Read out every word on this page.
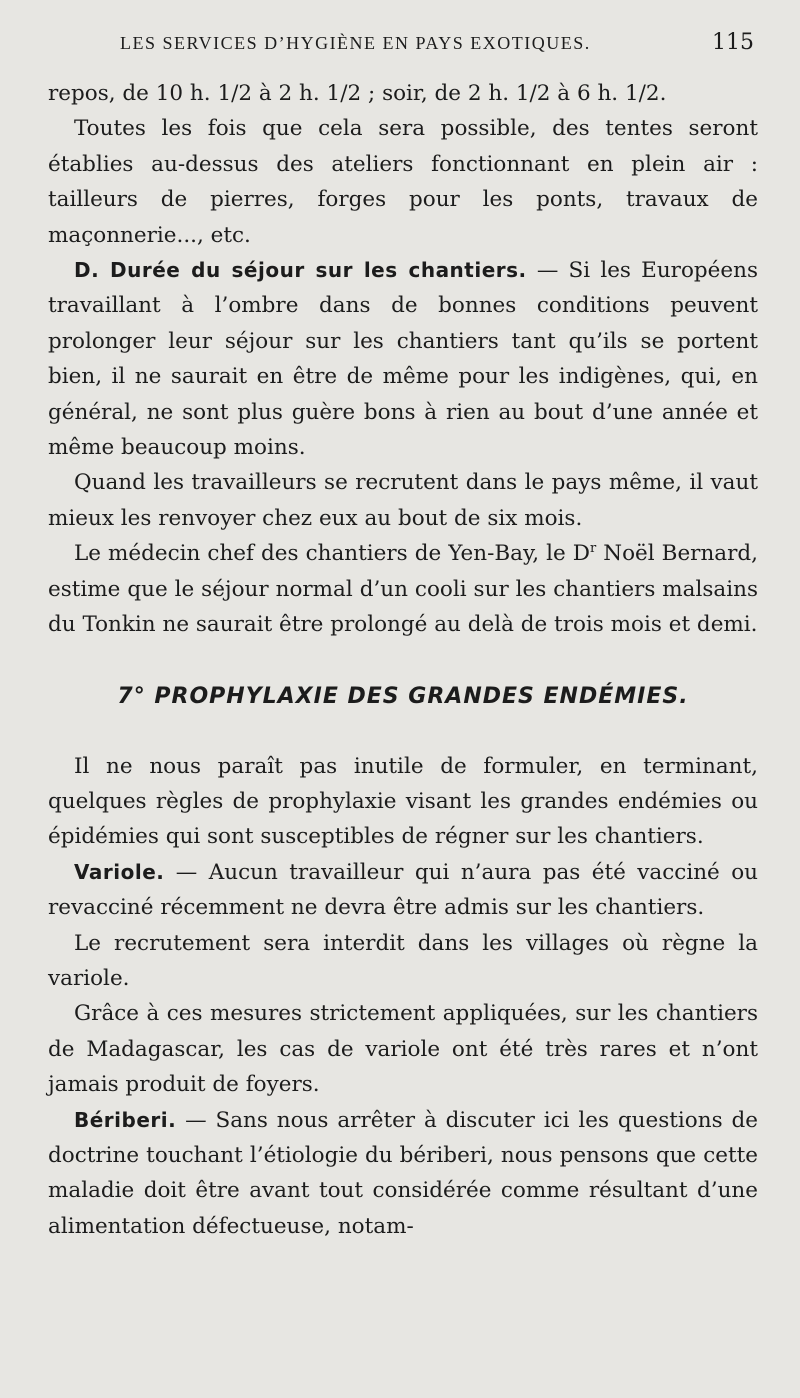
LES SERVICES D’HYGIÈNE EN PAYS EXOTIQUES.	115

repos, de 10 h. 1/2 à 2 h. 1/2 ; soir, de 2 h. 1/2 à 6 h. 1/2.

Toutes les fois que cela sera possible, des tentes seront établies au-dessus des ateliers fonctionnant en plein air : tailleurs de pierres, forges pour les ponts, travaux de maçonnerie..., etc.

D. Durée du séjour sur les chantiers. — Si les Européens travaillant à l’ombre dans de bonnes conditions peuvent prolonger leur séjour sur les chantiers tant qu’ils se portent bien, il ne saurait en être de même pour les indigènes, qui, en général, ne sont plus guère bons à rien au bout d’une année et même beaucoup moins.

Quand les travailleurs se recrutent dans le pays même, il vaut mieux les renvoyer chez eux au bout de six mois.

Le médecin chef des chantiers de Yen-Bay, le $D^r$ Noël Bernard, estime que le séjour normal d’un cooli sur les chantiers malsains du Tonkin ne saurait être prolongé au delà de trois mois et demi.

7° PROPHYLAXIE DES GRANDES ENDÉMIES.

Il ne nous paraît pas inutile de formuler, en terminant, quelques règles de prophylaxie visant les grandes endémies ou épidémies qui sont susceptibles de régner sur les chantiers.

Variole. — Aucun travailleur qui n’aura pas été vacciné ou revacciné récemment ne devra être admis sur les chantiers.

Le recrutement sera interdit dans les villages où règne la variole.

Grâce à ces mesures strictement appliquées, sur les chantiers de Madagascar, les cas de variole ont été très rares et n’ont jamais produit de foyers.

Bériberi. — Sans nous arrêter à discuter ici les questions de doctrine touchant l’étiologie du bériberi, nous pensons que cette maladie doit être avant tout considérée comme résultant d’une alimentation défectueuse, notam-
